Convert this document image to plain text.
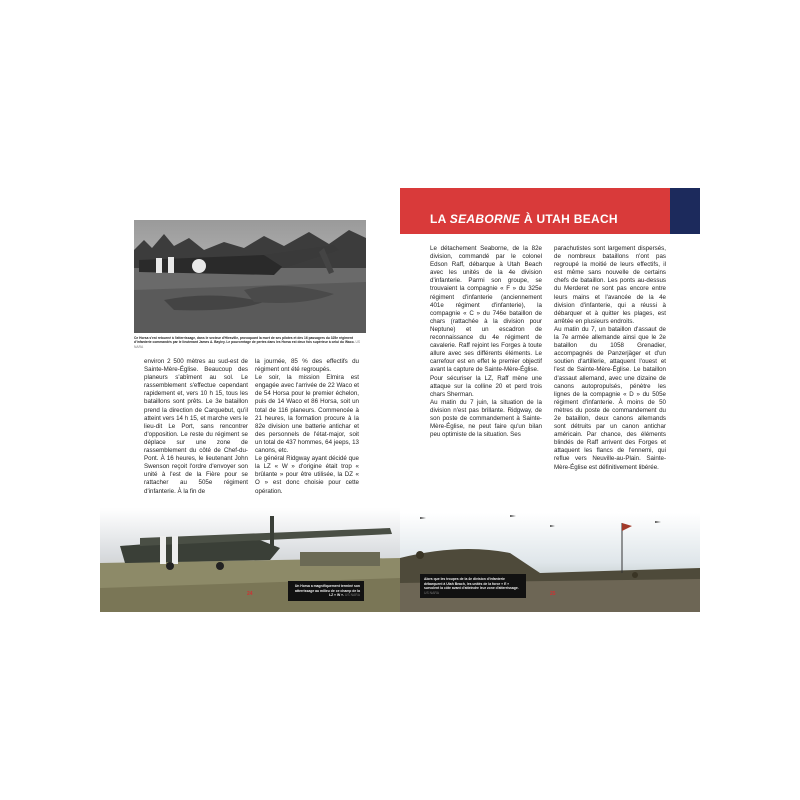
Ce Horsa s'est retourné à l'atterrissage, dans le secteur d'Hiesville, provoquant la mort de ses pilotes et des 16 passagers du 325e régiment d'infanterie commandés par le lieutenant James A. Bayley. Le pourcentage de pertes dans les Horsa est deux fois supérieur à celui du Waco. US NARA

environ 2 500 mètres au sud-est de Sainte-Mère-Église. Beaucoup des planeurs s'abîment au sol. Le rassemblement s'effectue cependant rapidement et, vers 10 h 15, tous les bataillons sont prêts. Le 3e bataillon prend la direction de Carquebut, qu'il atteint vers 14 h 15, et marche vers le lieu-dit Le Port, sans rencontrer d'opposition. Le reste du régiment se déplace sur une zone de rassemblement du côté de Chef-du-Pont. À 16 heures, le lieutenant John Swenson reçoit l'ordre d'envoyer son unité à l'est de la Fière pour se rattacher au 505e régiment d'infanterie. À la fin de

la journée, 85 % des effectifs du régiment ont été regroupés.

Le soir, la mission Elmira est engagée avec l'arrivée de 22 Waco et de 54 Horsa pour le premier échelon, puis de 14 Waco et 86 Horsa, soit un total de 116 planeurs. Commencée à 21 heures, la formation procure à la 82e division une batterie antichar et des personnels de l'état-major, soit un total de 437 hommes, 64 jeeps, 13 canons, etc.

Le général Ridgway ayant décidé que la LZ « W » d'origine était trop « brûlante » pour être utilisée, la DZ « O » est donc choisie pour cette opération.

Un Horsa a magnifiquement terminé son atterrissage au milieu de ce champ de la LZ « W ». US NARA
24
LA SEABORNE À UTAH BEACH

Le détachement Seaborne, de la 82e division, commandé par le colonel Edson Raff, débarque à Utah Beach avec les unités de la 4e division d'infanterie. Parmi son groupe, se trouvaient la compagnie « F » du 325e régiment d'infanterie (anciennement 401e régiment d'infanterie), la compagnie « C » du 746e bataillon de chars (rattachée à la division pour Neptune) et un escadron de reconnaissance du 4e régiment de cavalerie. Raff rejoint les Forges à toute allure avec ses différents éléments. Le carrefour est en effet le premier objectif avant la capture de Sainte-Mère-Église.

Pour sécuriser la LZ, Raff mène une attaque sur la colline 20 et perd trois chars Sherman.

Au matin du 7 juin, la situation de la division n'est pas brillante. Ridgway, de son poste de commandement à Sainte-Mère-Église, ne peut faire qu'un bilan peu optimiste de la situation. Ses

parachutistes sont largement dispersés, de nombreux bataillons n'ont pas regroupé la moitié de leurs effectifs, il est même sans nouvelle de certains chefs de bataillon. Les ponts au-dessus du Merderet ne sont pas encore entre leurs mains et l'avancée de la 4e division d'infanterie, qui a réussi à débarquer et à quitter les plages, est arrêtée en plusieurs endroits.

Au matin du 7, un bataillon d'assaut de la 7e armée allemande ainsi que le 2e bataillon du 1058 Grenadier, accompagnés de Panzerjäger et d'un soutien d'artillerie, attaquent l'ouest et l'est de Sainte-Mère-Église. Le bataillon d'assaut allemand, avec une dizaine de canons autopropulsés, pénètre les lignes de la compagnie « D » du 505e régiment d'infanterie. À moins de 50 mètres du poste de commandement du 2e bataillon, deux canons allemands sont détruits par un canon antichar américain. Par chance, des éléments blindés de Raff arrivent des Forges et attaquent les flancs de l'ennemi, qui reflue vers Neuville-au-Plain. Sainte-Mère-Église est définitivement libérée.

Alors que les troupes de la 4e division d'infanterie débarquent à Utah Beach, les unités de la force « E » survolent la côte avant d'atteindre leur zone d'atterrissage. US NARA	25
